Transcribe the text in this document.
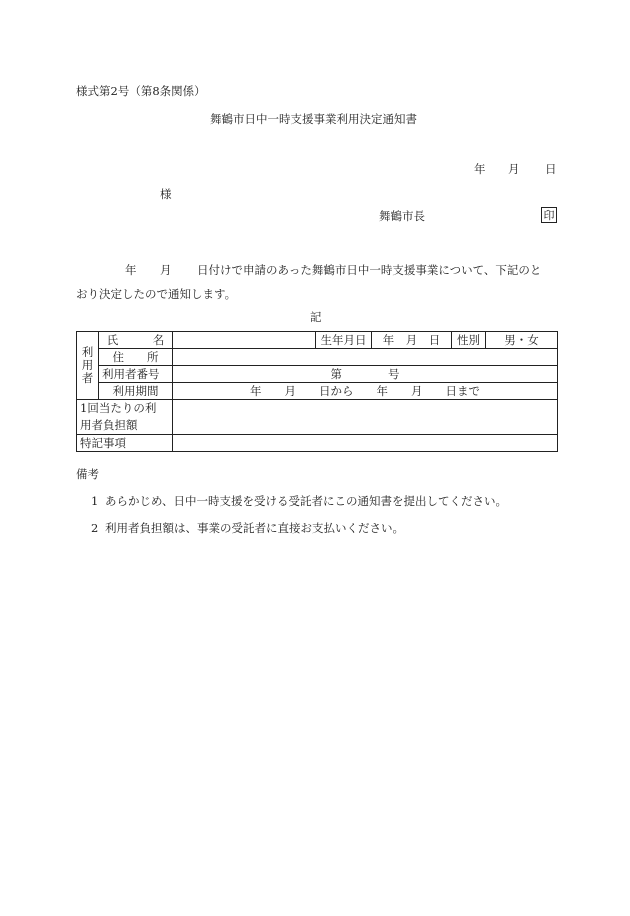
様式第2号（第8条関係）
舞鶴市日中一時支援事業利用決定通知書
年 月 日
様
舞鶴市長	印
年 月 日付けで申請のあった舞鶴市日中一時支援事業について、下記のと
おり決定したので通知します。
記
利用者	氏　　　名		生年月日	年　月　日	性別	男・女
	住　　所					
	利用者番号	第　　　　号				
	利用期間	年　　月　　日から　　年　　月　　日まで				

1回当たりの利
用者負担額						

特記事項						
備考
1 あらかじめ、日中一時支援を受ける受託者にこの通知書を提出してください。
2 利用者負担額は、事業の受託者に直接お支払いください。
